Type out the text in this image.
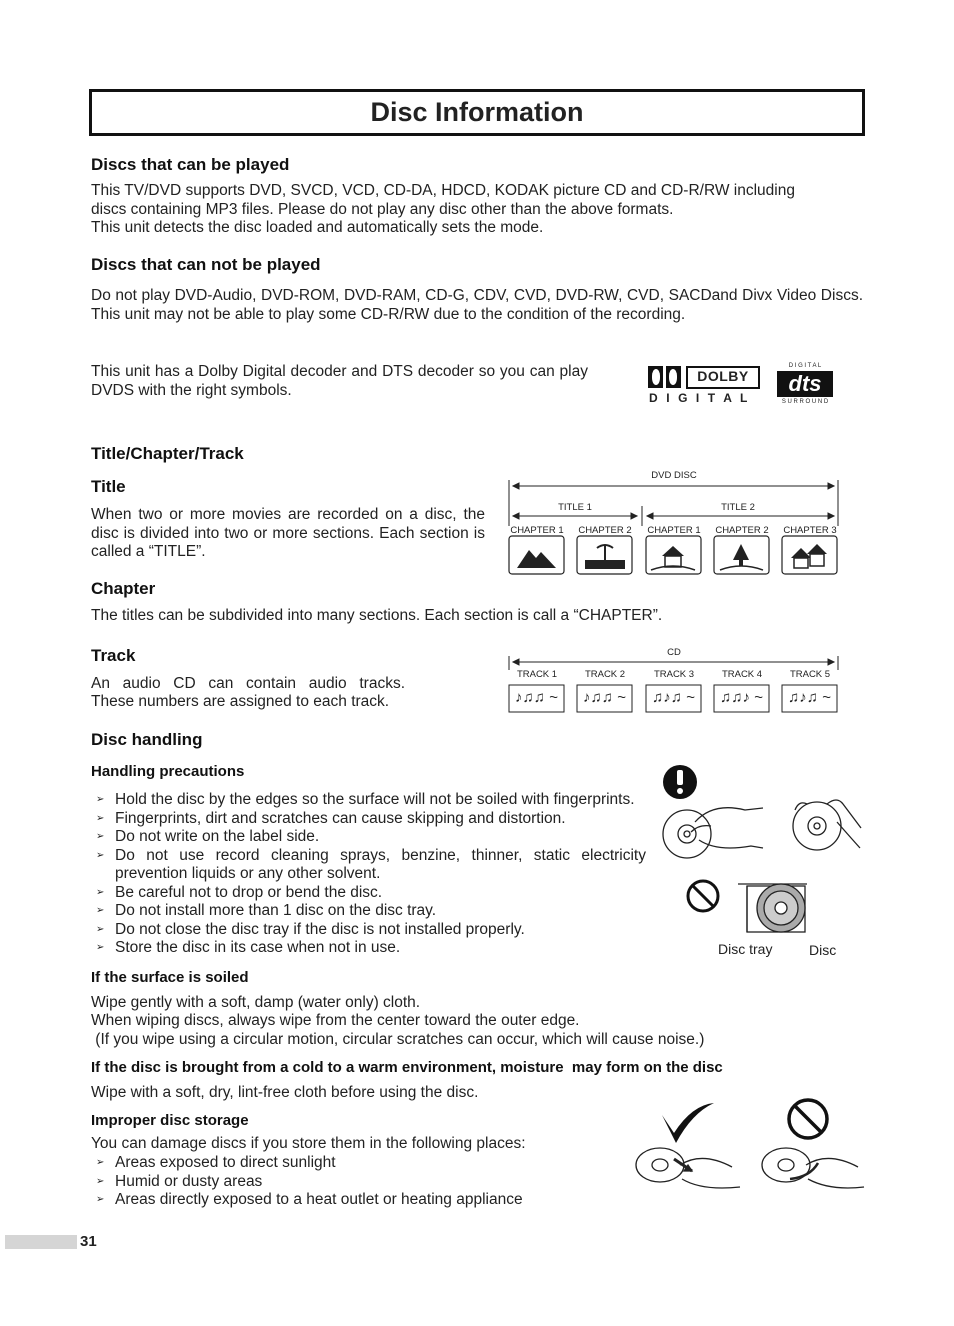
Disc Information
Discs that can be played

This TV/DVD supports DVD, SVCD, VCD, CD-DA, HDCD, KODAK picture CD and CD-R/RW including

discs containing MP3 files. Please do not play any disc other than the above formats.

This unit detects the disc loaded and automatically sets the mode.

Discs that can not be played

Do not play DVD-Audio, DVD-ROM, DVD-RAM, CD-G, CDV, CVD, DVD-RW, CVD, SACDand Divx Video Discs. This unit may not be able to play some CD-R/RW due to the condition of the recording.

This unit has a Dolby Digital decoder and DTS decoder so you can play DVDS with the right symbols.

DOLBY
D I G I T A L
D I G I T A L
dts
S U R R O U N D
Title/Chapter/Track
Title

When two or more movies are recorded on a disc, the disc is divided into two or more sections. Each section is called a “TITLE”.

DVD DISC
TITLE 1	TITLE 2
CHAPTER 1	CHAPTER 2	CHAPTER 1	CHAPTER 2	CHAPTER 3
Chapter

The titles can be subdivided into many sections. Each section is call a “CHAPTER”.

Track

An audio CD can contain audio tracks.

These numbers are assigned to each track.

CD
TRACK 1	TRACK 2	TRACK 3	TRACK 4	TRACK 5
♪♫♫ ~	♪♫♫ ~	♫♪♫ ~	♫♫♪ ~	♫♪♫ ~
Disc handling
Handling precautions
➢ Hold the disc by the edges so the surface will not be soiled with fingerprints.
➢ Fingerprints, dirt and scratches can cause skipping and distortion.
➢ Do not write on the label side.
➢ Do not use record cleaning sprays, benzine, thinner, static electricity prevention liquids or any other solvent.
➢ Be careful not to drop or bend the disc.
➢ Do not install more than 1 disc on the disc tray.
➢ Do not close the disc tray if the disc is not installed properly.
➢ Store the disc in its case when not in use.	Disc tray	Disc
If the surface is soiled

Wipe gently with a soft, damp (water only) cloth.

When wiping discs, always wipe from the center toward the outer edge.

(If you wipe using a circular motion, circular scratches can occur, which will cause noise.)

If the disc is brought from a cold to a warm environment, moisture  may form on the disc

Wipe with a soft, dry, lint-free cloth before using the disc.

Improper disc storage

You can damage discs if you store them in the following places:

➢ Areas exposed to direct sunlight
➢ Humid or dusty areas
➢ Areas directly exposed to a heat outlet or heating appliance
31
